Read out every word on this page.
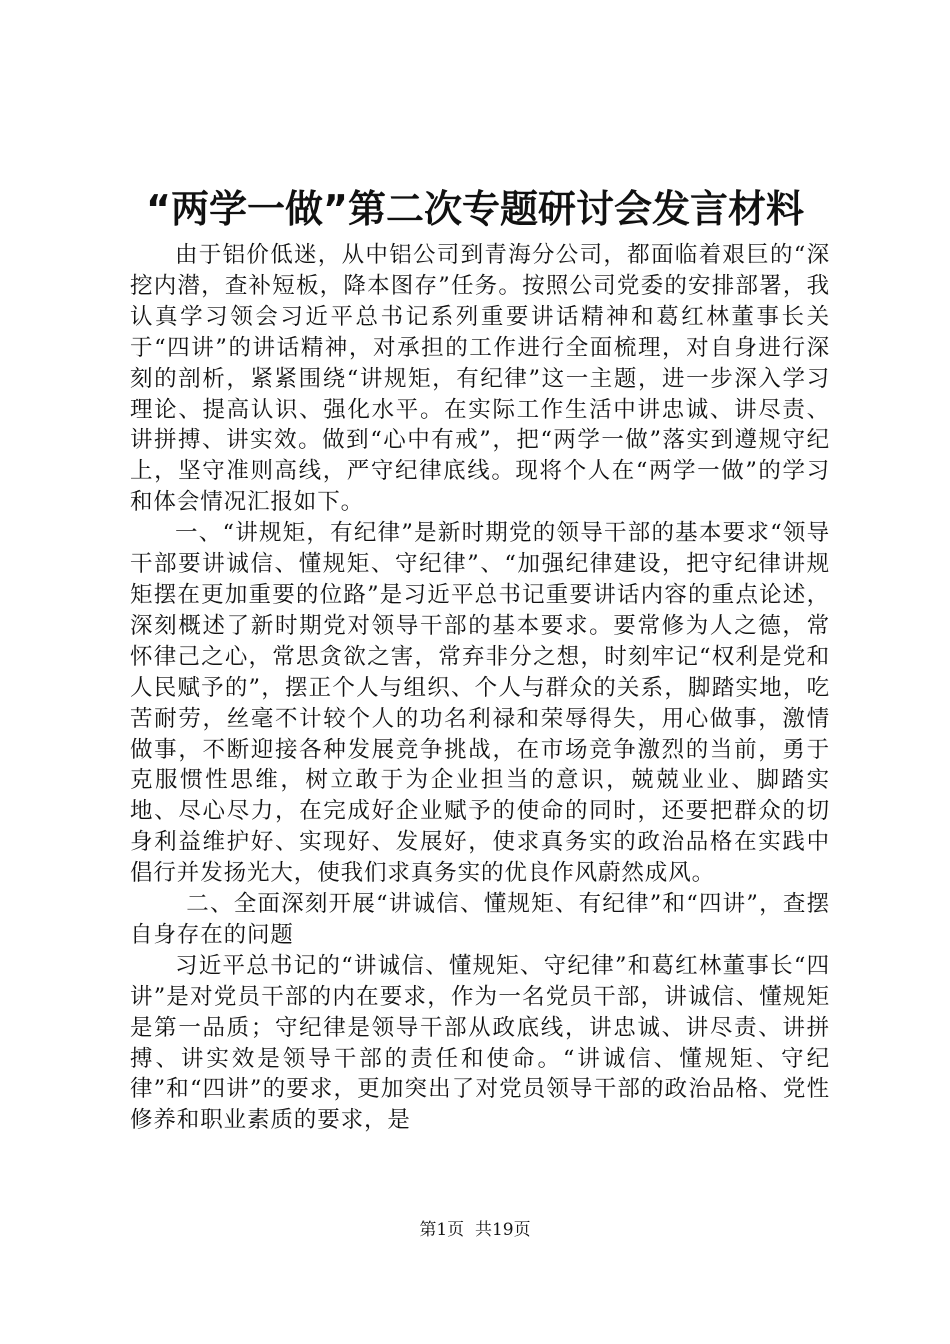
“两学一做”第二次专题研讨会发言材料

由于铝价低迷，从中铝公司到青海分公司，都面临着艰巨的“深挖内潜，查补短板，降本图存”任务。按照公司党委的安排部署，我认真学习领会习近平总书记系列重要讲话精神和葛红林董事长关于“四讲”的讲话精神，对承担的工作进行全面梳理，对自身进行深刻的剖析，紧紧围绕“讲规矩，有纪律”这一主题，进一步深入学习理论、提高认识、强化水平。在实际工作生活中讲忠诚、讲尽责、讲拼搏、讲实效。做到“心中有戒”，把“两学一做”落实到遵规守纪上，坚守准则高线，严守纪律底线。现将个人在“两学一做”的学习和体会情况汇报如下。

一、“讲规矩，有纪律”是新时期党的领导干部的基本要求“领导干部要讲诚信、懂规矩、守纪律”、“加强纪律建设，把守纪律讲规矩摆在更加重要的位路”是习近平总书记重要讲话内容的重点论述，深刻概述了新时期党对领导干部的基本要求。要常修为人之德，常怀律己之心，常思贪欲之害，常弃非分之想，时刻牢记“权利是党和人民赋予的”，摆正个人与组织、个人与群众的关系，脚踏实地，吃苦耐劳，丝毫不计较个人的功名利禄和荣辱得失，用心做事，激情做事，不断迎接各种发展竞争挑战，在市场竞争激烈的当前，勇于克服惯性思维，树立敢于为企业担当的意识，兢兢业业、脚踏实地、尽心尽力，在完成好企业赋予的使命的同时，还要把群众的切身利益维护好、实现好、发展好，使求真务实的政治品格在实践中倡行并发扬光大，使我们求真务实的优良作风蔚然成风。

二、全面深刻开展“讲诚信、懂规矩、有纪律”和“四讲”，查摆自身存在的问题

习近平总书记的“讲诚信、懂规矩、守纪律”和葛红林董事长“四讲”是对党员干部的内在要求，作为一名党员干部，讲诚信、懂规矩是第一品质；守纪律是领导干部从政底线，讲忠诚、讲尽责、讲拼搏、讲实效是领导干部的责任和使命。“讲诚信、懂规矩、守纪律”和“四讲”的要求，更加突出了对党员领导干部的政治品格、党性修养和职业素质的要求，是

第1页  共19页
